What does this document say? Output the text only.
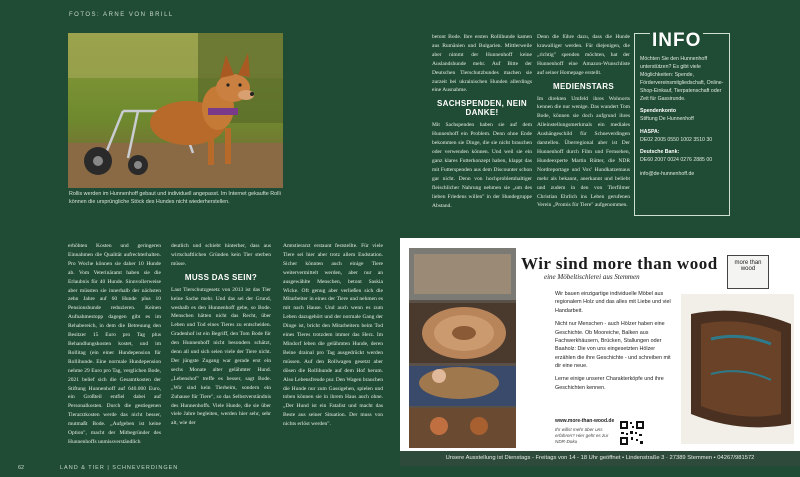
FOTOS: ARNE VON BRILL
Rollis werden im Hunnenhoff gebaut und individuell angepasst. Im Internet gekaufte Rolli können die ursprüngliche Stöck des Hundes nicht wiederherstellen.

betont Bode. Ihre ersten Rollihunde kamen aus Rumänien und Bulgarien. Mittlerweile aber nimmt der Hunnenhoff keine Auslandshunde mehr. Auf Bitte der Deutschen Tierschutzbundes machen sie zurzeit bei ukrainischen Hunden allerdings eine Ausnahme.

SACHSPENDEN, NEIN DANKE!

Mit Sachspenden haben sie auf dem Hunnenhoff ein Problem. Denn ohne Ende bekommen sie Dinge, die sie nicht brauchen oder verwenden können. Und weil sie ein ganz klares Futterkonzept haben, klappt das mit Futterspenden aus dem Discounter schon gar nicht. Denn von hochproblemhaltiger fleischlicher Nahrung nehmen sie „um des lieben Friedens willen" in der Hundegruppe Abstand.

Denn die führe dazu, dass die Hunde krawalliger werden. Für diejenigen, die „richtig" spenden möchten, hat der Hunnenhoff eine Amazon-Wunschliste auf seiner Homepage erstellt.

MEDIENSTARS

Im direkten Umfeld ihres Wohnorts kennen die nur wenige. Das wundert Tom Bode, können sie doch aufgrund ihres Alleinstellungsmerkmals ein mediales Aushängeschild für Schneverdingen darstellen. Überregional aber ist Der Hunnenhoff durch Film und Fernsehen, Hundeexperte Martin Rütter, die NDR Nordreportage und Vox' Hundkatzemaus mehr als bekannt, anerkannt und beliebt und zudem in den von Tierfilmer Christian Ehrlich ins Leben gerufenen Verein „Promis für Tiere" aufgenommen.

INFO
Möchten Sie den Hunnenhoff unterstützen? Es gibt viele Möglichkeiten: Spende, Fördervereinsmitgliedschaft, Online-Shop-Einkauf, Tierpatenschaft oder Zeit für Gassirunde.
Spendenkonto
Stiftung De Hunnenhoff
HASPA:
DE02 2005 0550 1002 3510 30
Deutsche Bank:
DE60 2007 0024 0276 2885 00
info@de-hunnenhoff.de

erhöhten Kosten und geringeren Einnahmen die Qualität aufrechterhalten. Pro Woche können sie daher 10 Hunde ab. Vom Veterinäramt haben sie die Erlaubnis für 40 Hunde. Sinnvollerweise aber müssten sie innerhalb der nächsten zehn Jahre auf 60 Hunde plus 10 Pensionshunde reduzieren. Keinen Aufnahmestopp dagegen gibt es im Rehabereich, in dem die Betreuung den Besitzer 15 Euro pro Tag plus Behandlungskosten kostet, und im Rollitag (ein einer Hundepension für Rollihunde. Eine normale Hundepension nehme 29 Euro pro Tag, verglichen Bode, 2021 belief sich die Gesamtkosten der Stiftung Hunnenhoff auf 640.000 Euro, ein Großteil entfiel dabei auf Personalkosten. Durch die gestiegenen Tierarztkosten werde das nicht besser, mutmaßt Bode. „Aufgeben ist keine Option", macht der Mitbegründer des Hunnenhoffs unmissverständlich

deutlich und schiebt hinterher, dass aus wirtschaftlichen Gründen kein Tier sterben müsse.

MUSS DAS SEIN?

Laut Tierschutzgesetz von 2013 ist das Tier keine Sache mehr. Und das sei der Grund, weshalb es den Hunnenhoff gebe, so Bode. Menschen hätten nicht das Recht, über Leben und Tod eines Tieres zu entscheiden. Gradenhof ist ein Begriff, den Tom Bode für den Hunnenhoff nicht besonders schätzt, denn all und sich seien viele der Tiere nicht. Der jüngste Zugang war gerade erst ein sechs Monate alter gelähmter Hund. „Lebenshof" treffe es besser, sagt Bode. „Wir sind kein Tierheim, sondern ein Zuhause für Tiere", so das Selbstverständnis des Hunnenhoffs. Viele Hunde, die sie über viele Jahre begleiten, werden hier sehr, sehr alt, wie der

Amtstierarzt erstaunt feststellte. Für viele Tiere sei hier aber trotz allem Endstation. Sicher könnten auch einige Tiere weitervermittelt werden, aber nur an ausgewählte Menschen, betont Saskia Wicke. Oft genug aber verließen sich die Mitarbeiter in eines der Tiere und nehmen es mit nach Hause. Und auch wenn es zum Leben dazugehört und der normale Gang der Dinge ist, bricht den Mitarbeitern beim Tod eines Tieres trotzdem immer das Herz. Im Mindorf leben die gelähmten Hunde, deren Beine drainal pro Tag ausgedrückt werden müssen. Auf den Rollwagen gesetzt aber dösen die Rollihunde auf dem Hof herum. Also Lebensfreude pur. Den Wagen brauchen die Hunde nur zum Gassigehen, spielen und toben können sie in ihrem Haus auch ohne. „Der Hund ist ein Fatalist und macht das Beste aus seiner Situation. Der muss von nichts erlöst werden".

62	LAND & TIER | SCHNEVERDINGEN
more than wood
Wir sind more than wood
eine Möbeltischlerei aus Stemmen

Wir bauen einzigartige individuelle Möbel aus regionalem Holz und das alles mit Liebe und viel Handarbeit.

Nicht nur Menschen - auch Hölzer haben eine Geschichte. Ob Mooreiche, Balken aus Fachwerkhäusern, Brücken, Stallungen oder Baaholz: Die von uns eingesetzten Hölzer erzählen die ihre Geschichte - und schreiben mit dir eine neue.

Lerne einige unserer Charakterköpfe und ihre Geschichten kennen.

www.more-than-wood.de
Ihr willst mehr über uns erfahren? Hier geht es zur NDR-Doku
Unsere Ausstellung ist Dienstags - Freitags von 14 - 18 Uhr geöffnet • Lindenstraße 3 · 27389 Stemmen • 04267/981572
